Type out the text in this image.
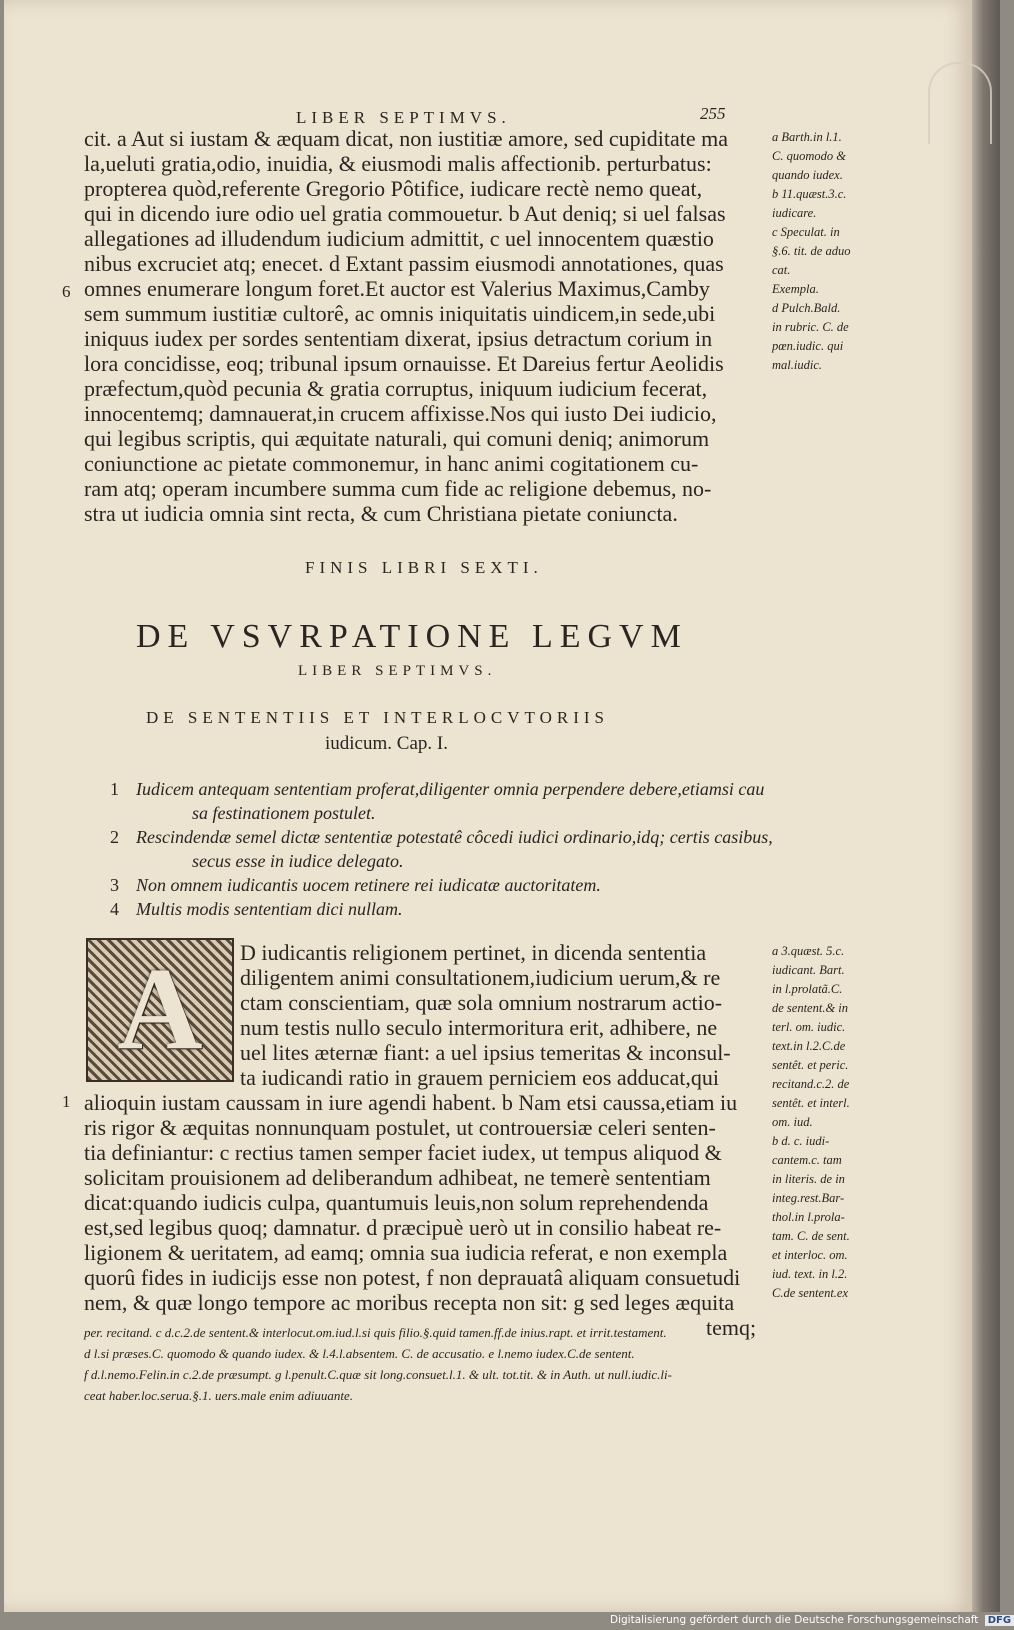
LIBER SEPTIMVS.	255
cit. a Aut si iustam & æquam dicat, non iustitiæ amore, sed cupiditate ma
la,ueluti gratia,odio, inuidia, & eiusmodi malis affectionib. perturbatus:
propterea quòd,referente Gregorio Pôtifice, iudicare rectè nemo queat,
qui in dicendo iure odio uel gratia commouetur. b Aut deniq; si uel falsas
allegationes ad illudendum iudicium admittit, c uel innocentem quæstio
nibus excruciet atq; enecet. d Extant passim eiusmodi annotationes, quas
omnes enumerare longum foret.Et auctor est Valerius Maximus,Camby
sem summum iustitiæ cultorê, ac omnis iniquitatis uindicem,in sede,ubi
iniquus iudex per sordes sententiam dixerat, ipsius detractum corium in
lora concidisse, eoq; tribunal ipsum ornauisse. Et Dareius fertur Aeolidis
præfectum,quòd pecunia & gratia corruptus, iniquum iudicium fecerat,
innocentemq; damnauerat,in crucem affixisse.Nos qui iusto Dei iudicio,
qui legibus scriptis, qui æquitate naturali, qui comuni deniq; animorum
coniunctione ac pietate commonemur, in hanc animi cogitationem cu-
ram atq; operam incumbere summa cum fide ac religione debemus, no-
stra ut iudicia omnia sint recta, & cum Christiana pietate coniuncta.
6
a Barth.in l.1.
C. quomodo &
quando iudex.
b 11.quæst.3.c.
iudicare.
c Speculat. in
§.6. tit. de aduo
cat.
Exempla.
d Pulch.Bald.
in rubric. C. de
pœn.iudic. qui
mal.iudic.
FINIS LIBRI SEXTI.
DE VSVRPATIONE LEGVM
LIBER SEPTIMVS.
DE SENTENTIIS ET INTERLOCVTORIIS
iudicum. Cap. I.
1 Iudicem antequam sententiam proferat,diligenter omnia perpendere debere,etiamsi cau
sa festinationem postulet.
2 Rescindendæ semel dictæ sententiæ potestatê côcedi iudici ordinario,idq; certis casibus,
secus esse in iudice delegato.
3 Non omnem iudicantis uocem retinere rei iudicatæ auctoritatem.
4 Multis modis sententiam dici nullam.
A	D iudicantis religionem pertinet, in dicenda sententia
diligentem animi consultationem,iudicium uerum,& re
ctam conscientiam, quæ sola omnium nostrarum actio-
num testis nullo seculo intermoritura erit, adhibere, ne
uel lites æternæ fiant: a uel ipsius temeritas & inconsul-
ta iudicandi ratio in grauem perniciem eos adducat,qui
alioquin iustam caussam in iure agendi habent. b Nam etsi caussa,etiam iu
ris rigor & æquitas nonnunquam postulet, ut controuersiæ celeri senten-
tia definiantur: c rectius tamen semper faciet iudex, ut tempus aliquod &
solicitam prouisionem ad deliberandum adhibeat, ne temerè sententiam
dicat:quando iudicis culpa, quantumuis leuis,non solum reprehendenda
est,sed legibus quoq; damnatur. d præcipuè uerò ut in consilio habeat re-
ligionem & ueritatem, ad eamq; omnia sua iudicia referat, e non exempla
quorû fides in iudicijs esse non potest, f non deprauatâ aliquam consuetudi
nem, & quæ longo tempore ac moribus recepta non sit: g sed leges æquita
temq;
1
a 3.quæst. 5.c.
iudicant. Bart.
in l.prolatã.C.
de sentent.& in
terl. om. iudic.
text.in l.2.C.de
sentêt. et peric.
recitand.c.2. de
sentêt. et interl.
om. iud.
b d. c. iudi-
cantem.c. tam
in literis. de in
integ.rest.Bar-
thol.in l.prola-
tam. C. de sent.
et interloc. om.
iud. text. in l.2.
C.de sentent.ex
per. recitand. c d.c.2.de sentent.& interlocut.om.iud.l.si quis filio.§.quid tamen.ff.de inius.rapt. et irrit.testament.
d l.si præses.C. quomodo & quando iudex. & l.4.l.absentem. C. de accusatio. e l.nemo iudex.C.de sentent.
f d.l.nemo.Felin.in c.2.de præsumpt. g l.penult.C.quæ sit long.consuet.l.1. & ult. tot.tit. & in Auth. ut null.iudic.li-
ceat haber.loc.serua.§.1. uers.male enim adiuuante.
Digitalisierung gefördert durch die Deutsche Forschungsgemeinschaft DFG
